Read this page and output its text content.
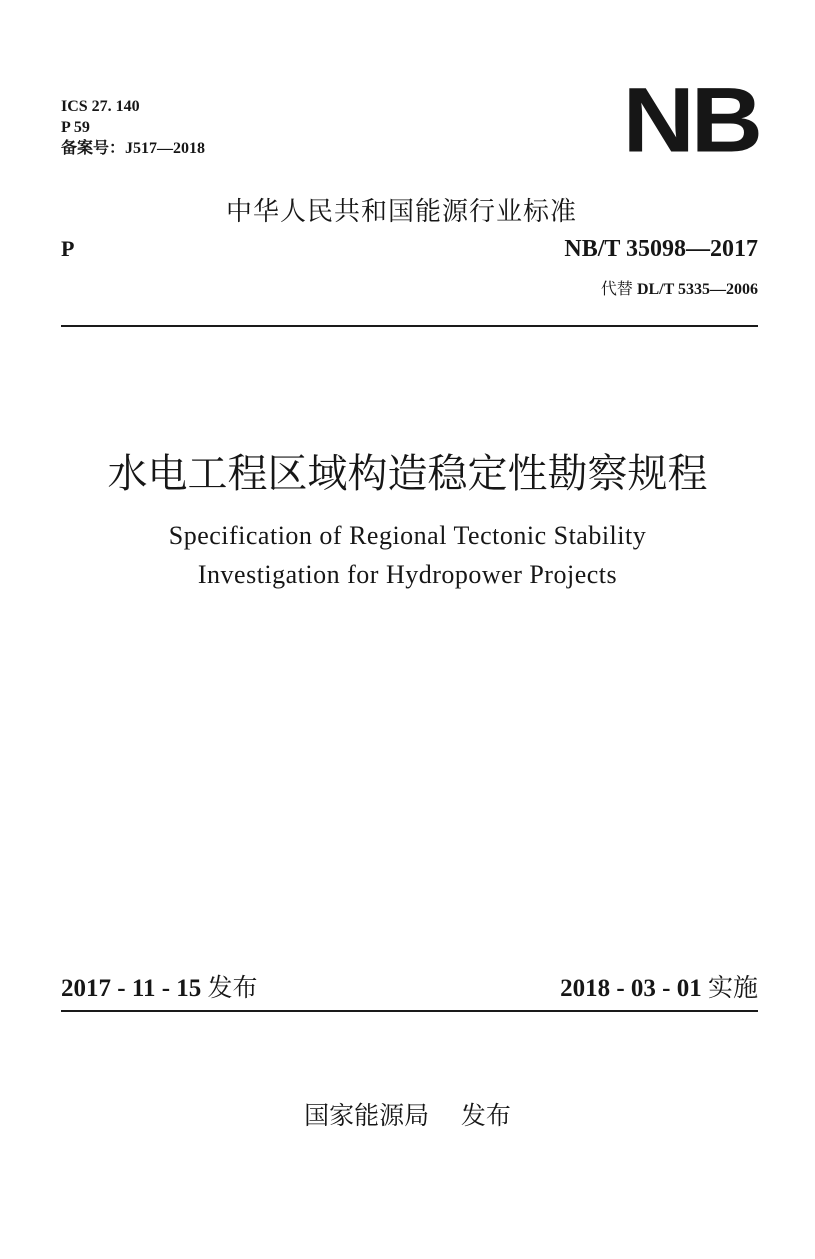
ICS 27. 140
P 59
备案号：J517—2018	NB
中华人民共和国能源行业标准
P	NB/T 35098—2017
代替 DL/T 5335—2006
水电工程区域构造稳定性勘察规程
Specification of Regional Tectonic Stability
Investigation for Hydropower Projects
2017 - 11 - 15 发布	2018 - 03 - 01 实施
国家能源局 发布
